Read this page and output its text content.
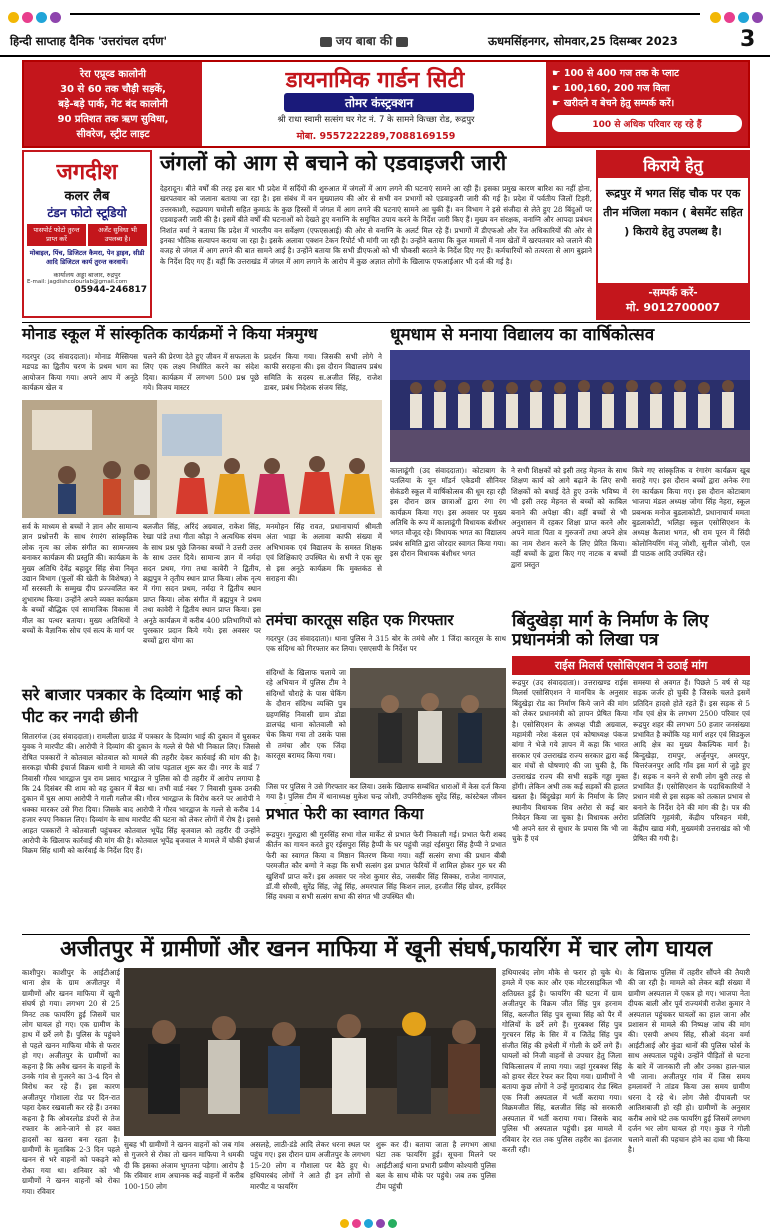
हिन्दी साप्ताह दैनिक 'उत्तरांचल दर्पण'	जय बाबा की	ऊधमसिंहनगर, सोमवार,25 दिसम्बर 2023	3
रेरा एप्रूव्ड कालोनी
30 से 60 तक चौड़ी सड़कें,
बड़े-बड़े पार्क, गेट बंद कालोनी
90 प्रतिशत तक ऋण सुविधा,
सीवरेज, स्ट्रीट लाइट
डायनामिक गार्डन सिटी
तोमर कंस्ट्रक्शन
श्री राधा स्वामी सत्संग घर गेट नं. 7 के सामने किच्छा रोड, रूद्रपुर
मोबा. 9557222289,7088169159
☛ 100 से 400 गज तक के प्लाट
☛ 100,160, 200 गज विला
☛ खरीदने व बेचने हेतु सम्पर्क करें।
100 से अधिक परिवार रह रहे हैं
जगदीश
कलर लैब
टंडन फोटो स्टूडियो
पासपोर्ट फोटो तुरन्त प्राप्त करें
अर्जेंट सुविधा भी उपलब्ध है।
मोबाइल, पिंच, डिजिटल कैमरा, पेन ड्राइव, सीडी आदि डिजिटल कार्य तुरन्त करवायें।
कार्यालय अड्डा बाजार, रुद्रपुर
E-mail: jagdishcolourlab@gmail.com
05944-246817
जंगलों को आग से बचाने को एडवाइजरी जारी
देहरादून। बीते वर्षों की तरह इस बार भी प्रदेश में सर्दियों की शुरुआत में जंगलों में आग लगने की घटनाएं सामने आ रही हैं। इसका प्रमुख कारण बारिश का नहीं होना, खरपतवार को जलाना बताया जा रहा है। इस संबंध में वन मुख्यालय की ओर से सभी वन प्रभागों को एडवाइजरी जारी की गई है। प्रदेश में पर्वतीय जिलों टिहरी, उत्तरकाशी, रुद्रप्रयाग चमोली सहित कुमाऊं के कुछ हिस्सों में जंगल में आग लगने की घटनाएं सामने आ चुकी हैं। वन विभाग ने इसे संजीदा से लेते हुए 28 बिंदुओं पर एडवाइजरी जारी की है। इसमें बीते वर्षों की घटनाओं को देखते हुए वनाग्नि के समुचित उपाय करने के निर्देश जारी किए हैं। मुख्य वन संरक्षक, वनाग्नि और आपदा प्रबंधन निशांत वर्मा ने बताया कि प्रदेश में भारतीय वन सर्वेक्षण (एफएसआई) की ओर से वनाग्नि के अलर्ट मिल रहे हैं। प्रभागों में डीएफओ और रेंज अधिकारियों की ओर से इनका भौतिक सत्यापन कराया जा रहा है। इसके अलावा एक्शन टेकन रिपोर्ट भी मांगी जा रही है। उन्होंने बताया कि कुल मामलों में नाम खेतों में खरपतवार को जलाने की वजह से जंगल में आग लगने की बात सामने आई है। उन्होंने बताया कि सभी डीएफओ को भी चौकसी बरतने के निर्देश दिए गए हैं। कर्मचारियों को तत्परता से आग बुझाने के निर्देश दिए गए हैं। वहीं कि उत्तराखंड में जंगल में आग लगाने के आरोप में कुछ अज्ञात लोगों के खिलाफ एफआईआर भी दर्ज की गई है।
किराये हेतु
रूद्रपुर में भगत सिंह चौक पर एक तीन मंजिला मकान ( बेसमेंट सहित ) किराये हेतु उपलब्ध है।
-सम्पर्क करें-
मो. 9012700007
मोनाड स्कूल में सांस्कृतिक कार्यक्रमों ने किया मंत्रमुग्ध
गदरपुर (उद संवाददाता)। मोनाड मैस्सियस मडपड का द्वितीय चरण के प्रथम भाग का आयोजन किया गया। अपने आप में अनूठे कार्यक्रम खेल व
चलने की प्रेरणा देते हुए जीवन में सफलता के लिए एक लक्ष्य निर्धारित करने का संदेश दिया। कार्यक्रम में लगभग 500 प्रश्न पूछे गये। विजय मास्टर
प्रदर्शन किया गया। जिसकी सभी लोगे ने काफी सराहना की। इस दौरान विद्यालय प्रबंध समिति के सदस्य स.अजीत सिंह, राजेश डाबर, प्रबंध निदेशक संजय सिंह,
सर्व के माध्यम से बच्चों ने ज्ञान और सामान्य ज्ञान प्रश्नोत्तरी के साथ रंगारंग सांस्कृतिक लोक नृत्य का लोक संगीत का सामन्जस्य बनाकर कार्यक्रम की प्रस्तुति की। कार्यक्रम के मुख्य अतिथि देवेंद्र बहादुर सिंह सेवा निवृत उद्यान विभाग (फूलों की खेती के विशेषज्ञ) ने माँ सरस्वती के सम्मुख दीप प्रज्ज्वलित कर शुभारम्भ किया। उन्होंने अपने व्यक्त कार्यक्रम के बच्चों बौद्धिक एवं सामाजिक विकास में मील का पत्थर बताया। मुख्य अतिथियों ने बच्चों के वैज्ञानिक सोच एवं सत्य के मार्ग पर
बलजीत सिंह, अरिंदं अग्रवाल, राकेश सिंह, रेखा पांडे तथा गीता कौड़ा ने अत्यधिक संयम के साथ प्रश्न पूछे जिनका बच्चों ने उत्तरी उत्तर के साथ उत्तर दिये। सामान्य ज्ञान में नर्मदा सदन प्रथम, गंगा तथा कावेरी ने द्वितीय, ब्रह्मपुत्र ने तृतीय स्थान प्राप्त किया। लोक नृत्य में गंगा सदन प्रथम, नर्मदा ने द्वितीय स्थान प्राप्त किया। लोक संगीत में ब्रह्मपुत्र ने प्रथम तथा कावेरी ने द्वितीय स्थान प्राप्त किया। इस अनूठे कार्यक्रम में करीब 400 प्रतिभागियों को पुरस्कार प्रदान किये गये। इस अवसर पर बच्चों द्वारा योगा का
मनमोहन सिंह रावत, प्रधानाचार्या श्रीमती अंता भाड़ा के अलावा काफी संख्या में अभिभावक एवं विद्यालय के समस्त शिक्षक एवं शिक्षिकाएं उपस्थित थे। सभी ने एक सुर से इस अनूठे कार्यक्रम कि मुक्तकंठ से सराहना की।
धूमधाम से मनाया विद्यालय का वार्षिकोत्सव
कालाढूंगी (उद संवाददाता)। कोटाबाग के पतलिया के यून मॉडर्न एकेडमी सीनियर सेकंडरी स्कूल में वार्षिकोत्सव की धूम रहा रही इस दौरान छात्र छात्राओं द्वारा रंगा रंग कार्यक्रम किया गए। इस अवसर पर मुख्य अतिथि के रूप में कालाढूंगी विधायक बंशीधर भगत मौजूद रहे। विधायक भगत का विद्यालय प्रबंध समिति द्वारा जोरदार स्वागत किया गया। इस दौरान विधायक बंशीधर भगत
ने सभी शिक्षकों को इसी तरह मेहनत के साथ शिक्षण कार्य को आगे बढ़ाने के लिए सभी शिक्षकों को बधाई देते हुए उनके भविष्य में भी इसी तरह मेहनत से बच्चों को काबिल बनाने की अपेक्षा की। वहीं बच्चों से भी अनुशासन में रहकर शिक्षा प्राप्त करने और अपने माता पिता व गुरुजनों तथा अपने क्षेत्र का नाम रोशन करने के लिए प्रेरित किया। वहीं बच्चों के द्वारा किए गए नाटक व बच्चों द्वारा प्रस्तुत
किये गए सांस्कृतिक व रंगारंग कार्यक्रम खूब सराहे गए। इस दौरान बच्चों द्वारा अनेक रंगा रंग कार्यक्रम किया गए। इस दौरान कोटाबाग भाजपा मंडल अध्यक्ष जोगा सिंह नेहरा, स्कूल प्रबन्धक मनोज बुडलाकोटी, प्रधानाचार्य ममता बुडलाकोटी, भलिहा स्कूल एसोसिएशन के अध्यक्ष कैलाश भगत, श्री राम पूरन में सिंदी कोलोनियरिंग मंजू जोशी, सुनील जोशी, एल डी पाठक आदि उपस्थित रहे।
तमंचा कारतूस सहित एक गिरफ्तार
गदरपुर (उद संवाददाता)। थाना पुलिस ने 315 बोर के तमंचे और 1 जिंदा कारतूस के साथ एक संदिग्ध को गिरफ्तार कर लिया। एसएसपी के निर्देश पर
संदिग्धों के खिलाफ चलाये जा रहे अभियान में पुलिस टीम ने संदिग्धों चौराहे के पास चेकिंग के दौरान संदिग्ध व्यक्ति पुत्र ग्रहणसिंह निवासी ग्राम डोडा डालचंद्र थाना कोतवाली को चेक किया गया तो उसके पास से तमंचा और एक जिंदा कारतूस बरामद किया गया।
जिस पर पुलिस ने उसे गिरफ्तार कर लिया। उसके खिलाफ सम्बंधित धाराओं में केस दर्ज किया गया है। पुलिस टीम में थानाध्यक्ष मुकेश चन्द्र जोशी, उपनिरीक्षक सुरेंद्र सिंह, कांस्टेबल जीवन
प्रभात फेरी का स्वागत किया
रूद्रपुर। गुरुद्वारा श्री गुरुसिंह सभा गोल मार्केट से प्रभात फेरी निकाली गई। प्रभात फेरी शबद कीर्तन का गायन करते हुए रईसपुरा सिंह हैप्पी के घर पहुंची जहां रईसपुरा सिंह हैप्पी ने प्रभात फेरी का स्वागत किया व मिष्ठान वितरण किया गया। वहीं सत्संग सभा की प्रधान बीबी परमजीत कौर बग्गो ने कहा कि सभी सत्संग इस प्रभात फेरियों में शामिल होकर गुरु घर की खुशियाँ प्राप्त करें। इस अवसर पर नरेश कुमार सेठ, जसबीर सिंह सिक्का, राजेश नागपाल, डॉ.वी सौरवी, सुरेंद्र सिंह, जेडूं सिंह, अमरपाल सिंह किशन लाल, हरजीत सिंह ग्रोवर, हरविंदर सिंह वधवा व सभी सत्संग सभा की संगत भी उपस्थित थी।
बिंदुखेड़ा मार्ग के निर्माण के लिए प्रधानमंत्री को लिखा पत्र
राईस मिलर्स एसोसिएशन ने उठाई मांग
रूद्रपुर (उद संवाददाता)। उत्तराखण्ड राईस मिलर्स एसोसिएशन ने मानचित्र के अनुसार बिंदुखेड़ा रोड का निर्माण किये जाने की मांग को लेकर प्रधानमंत्री को ज्ञापन प्रेषित किया है। एसोसिएशन के अध्यक्ष पीडी अग्रवाल, महामंत्री नरेश कंसल एवं कोषाध्यक्ष पंकज बांगा ने भेजे गये ज्ञापन में कहा कि भारत सरकार एवं उत्तराखंड राज्य सरकार द्वारा कई बार मंचों से घोषणाएं की जा चुकी है, कि उत्तराखंड राज्य की सभी सड़कें गड्ढा मुक्त होंगी। लेकिन अभी तक कई सड़कों की हालत खस्ता है। बिंदुखेड़ा मार्ग के निर्माण के लिए स्थानीय विधायक शिव अरोरा से कई बार निवेदन किया जा चुका है। विधायक अरोरा भी अपने स्तर से सुधार के प्रयास कि भी जा चुके हैं एवं
समस्या से अवगत हैं। पिछले 5 वर्ष से यह सड़क जर्जर हो चुकी है जिसके चलते इसमें प्रतिदिन हादसे होते रहते हैं। इस सड़क से 5 गाँव एवं क्षेत्र के लगभग 2500 परिवार एवं रूद्रपुर शहर की लगभग 50 हजार जनसंख्या प्रभावित है क्योंकि यह मार्ग शहर एवं सिडकुल आदि क्षेत्र का मुख्य वैकल्पिक मार्ग है। बिन्दुखेड़ा, रामपुर, अर्जुनपुर, अमरपुर, चित्तरंजनपुर आदि गाँव इस मार्ग से जुड़े हुए हैं। सड़क न बनने से सभी लोग बुरी तरह से प्रभावित हैं। एसोसिएशन के पदाधिकारियों ने प्रधान मंत्री से इस सड़क को तत्काल प्रभाव से बनाने के निर्देश देने की मांग की है। पत्र की प्रतिलिपि गृहमंत्री, केंद्रीय परिवहन मंत्री, केंद्रीय खाद्य मंत्री, मुख्यमंत्री उत्तराखंड को भी प्रेषित की गयी है।
सरे बाजार पत्रकार के दिव्यांग भाई को पीट कर नगदी छीनी
सितारगंज (उद संवाददाता)। रामलीला ग्राउंड में पत्रकार के दिव्यांग भाई की दुकान में घुसकर युवक ने मारपीट की। आरोपी ने दिव्यांग की दुकान के गल्ले से पैसे भी निकाल लिए। जिससे रोषित पत्रकारों ने कोतवाल कोतवाल को मामले की तहरीर देकर कार्रवाई की मांग की है। सरकड़ा चौकी इंचार्ज विक्रम धामी ने मामले की जांच पड़ताल शुरू कर दी। नगर के वार्ड 7 निवासी गौरव भारद्वाज पुत्र राम प्रसाद भारद्वाज ने पुलिस को दी तहरीर में आरोप लगाया है कि 24 दिसंबर की शाम को वह दुकान में बैठा था। तभी वार्ड नंबर 7 निवासी युवक उनकी दुकान में घुस आया आरोपी ने गाली गलौज की। गौरव भारद्वाज के विरोध करने पर आरोपी ने धक्का मारकर उसे गिरा दिया। जिसके बाद आरोपी ने गौरव भारद्वाज के गल्ले से करीब 14 हजार रुपए निकाल लिए। दिव्यांग के साथ मारपीट की घटना को लेकर लोगों में रोष है। इससे आहत पत्रकारों ने कोतवाली पहुंचकर कोतवाल भूपेंद्र सिंह बृजवाल को तहरीर दी उन्होंने आरोपी के खिलाफ कार्रवाई की मांग की है। कोतवाल भूपेंद्र बृजवाल ने मामले में चौकी इंचार्ज विक्रम सिंह धामी को कार्रवाई के निर्देश दिए हैं।
अजीतपुर में ग्रामीणों और खनन माफिया में खूनी संघर्ष,फायरिंग में चार लोग घायल
काशीपुर। काशीपुर के आईटीआई थाना क्षेत्र के ग्राम अजीतपुर में ग्रामीणों और खनन माफिया में खूनी संघर्ष हो गया। लगभग 20 से 25 मिनट तक फायरिंग हुई जिसमें चार लोग घायल हो गए। एक ग्रामीण के हाथ में छर्रे लगे हैं। पुलिस के पहुंचने से पहले खनन माफिया मौके से फरार हो गए। अजीतपुर के ग्रामीणों का कहना है कि अवैध खनन के वाहनों के उनके गांव से गुजरने का 3-4 दिन से विरोध कर रहे हैं। इस कारण अजीतपुर गोशाला रोड पर दिन-रात पहरा देकर रखवाली कर रहे हैं। उनका कहना है कि ओवरलोड डंपरों से तेज रफ्तार के आने-जाने से हर वक्त हादसों का खतरा बना रहता है। ग्रामीणों के मुताबिक 2-3 दिन पहले खनन से भरे वाहनों को पकड़ने को रोका गया था। शनिवार को भी ग्रामीणों ने खनन वाहनों को रोका गया। रविवार
सुबह भी ग्रामीणों ने खनन वाहनों को जब गांव से गुजरने से रोका तो खनन माफिया ने धमकी दी कि इसका अंजाम भुगतना पड़ेगा। आरोप है कि रविवार शाम अचानक कई वाहनों में करीब 100-150 लोग
असलहे, लाठी-डंडे आदि लेकर धरना स्थल पर पहुंच गए। इस दौरान ग्राम अजीतपुर के लगभग 15-20 लोग व गौशाला पर बैठे हुए थे। हथियारबंद लोगों ने आते ही इन लोगों से मारपीट व फायरिंग
शुरू कर दी। बताया जाता है लगभग आधा घंटा तक फायरिंग हुई। सूचना मिलने पर आईटीआई थाना प्रभारी प्रवीण कोश्यारी पुलिस बल के साथ मौके पर पहुंचे। जब तक पुलिस टीम पहुंची
हथियारबंद लोग मौके से फरार हो चुके थे। हमले में एक कार और एक मोटरसाइकिल भी क्षतिग्रस्त हुई है। फायरिंग की घटना में ग्राम अजीतपुर के विक्रम जीत सिंह पुत्र हरनाम सिंह, बलजीत सिंह पुत्र सुच्चा सिंह को पैर में गोलियों के छर्रे लगे हैं। गुरबक्श सिंह पुत्र गुरचरन सिंह के सिर में व जितेंद्र सिंह पुत्र संजीत सिंह की हथेली में गोली के छर्रे लगे हैं। घायलों को निजी वाहनों से उपचार हेतु जिला चिकित्सालय में लाया गया। जहां गुरबक्श सिंह को हायर सेंटर रेफर कर दिया गया। ग्रामीणों ने बताया कुछ लोगों ने उन्हें मुरादाबाद रोड स्थित एक निजी अस्पताल में भर्ती कराया गया। विक्रमजीत सिंह, बलजीत सिंह को सरकारी अस्पताल में भर्ती कराया गया। जिसके बाद पुलिस भी अस्पताल पहुंची। इस मामले में रविवार देर रात तक पुलिस तहरीर का इंतजार करती रही।
के खिलाफ पुलिस में तहरीर सौंपने की तैयारी की जा रही है। मामले को लेकर बड़ी संख्या में ग्रामीण अस्पताल में एकत्र हो गए। भाजपा नेता दीपक बाली और पूर्व राज्यमंत्री राजेश कुमार ने अस्पताल पहुंचकर घायलों का हाल जाना और प्रशासन से मामले की निष्पक्ष जांच की मांग की। एसपी अभय सिंह, सीओ वंदना वर्मा आईटीआई और कुंडा थानों की पुलिस फोर्स के साथ अस्पताल पहुंचे। उन्होंने पीड़ितों से घटना के बारे में जानकारी ली और उनका हाल-चाल भी जाना। अजीतपुर गांव में जिस समय हमलावरों ने तांडव किया उस समय ग्रामीण धरना दे रहे थे। लोग जैसे दीपावली पर आतिशबाजी हो रही हो। ग्रामीणों के अनुसार करीब आधे घंटे तक फायरिंग हुई जिसमें लगभग दर्जन भर लोग घायल हो गए। कुछ ने गोली चलाने वालों की पहचान होने का दावा भी किया है।
